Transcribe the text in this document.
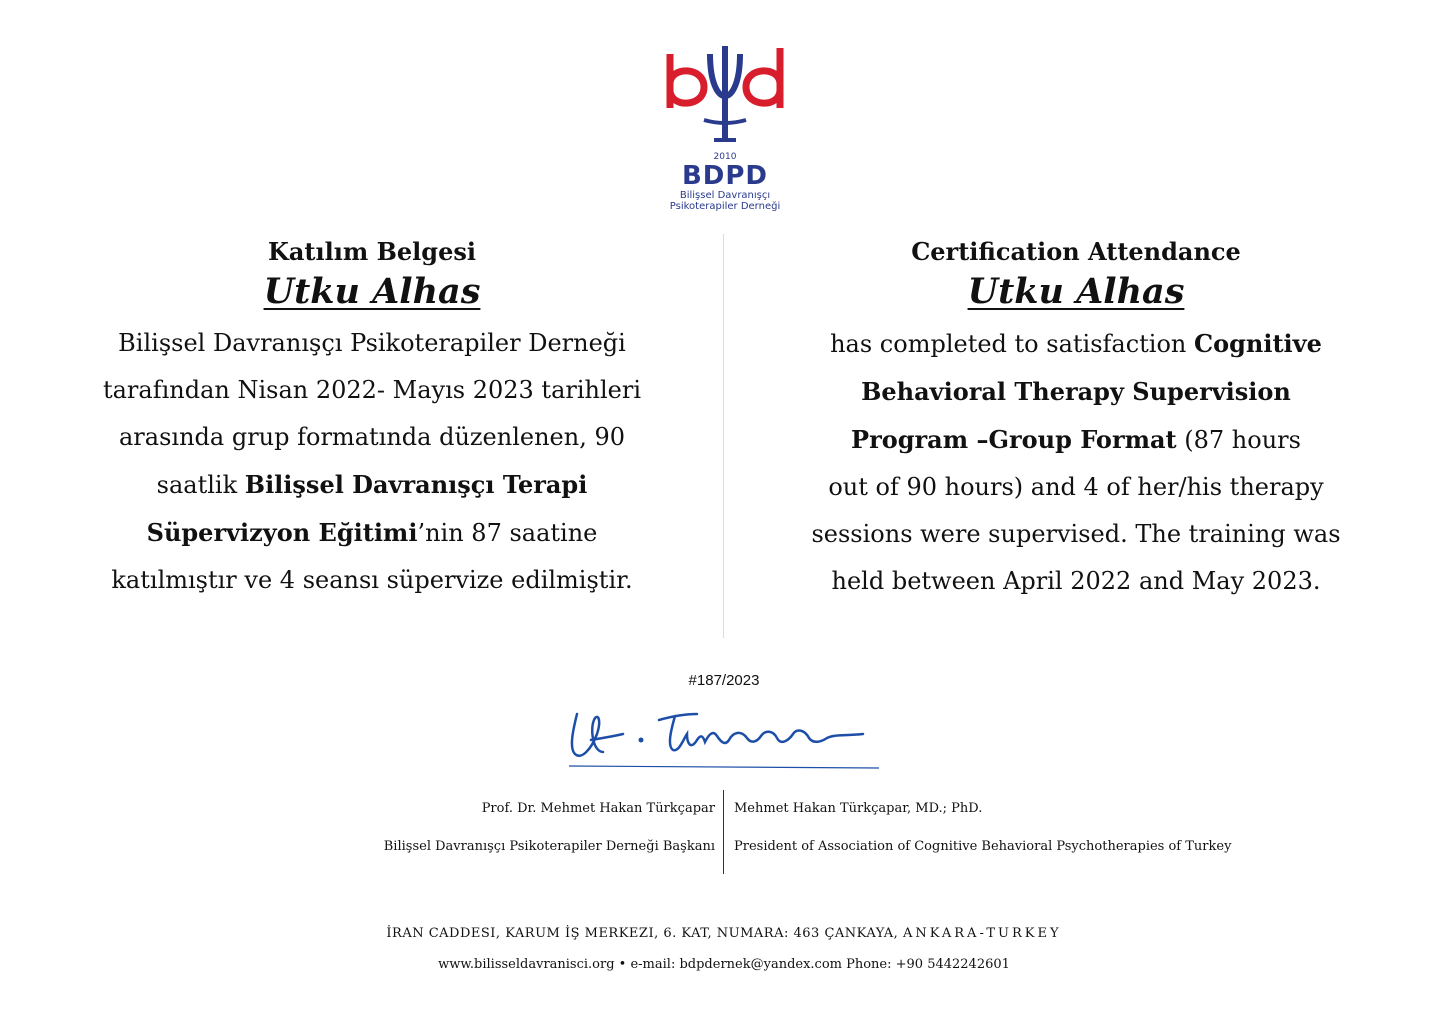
2010
BDPD
Bilişsel Davranışçı
Psikoterapiler Derneği
Katılım Belgesi
Utku Alhas
Bilişsel Davranışçı Psikoterapiler Derneği
tarafından Nisan 2022- Mayıs 2023 tarihleri
arasında grup formatında düzenlenen, 90
saatlik Bilişsel Davranışçı Terapi
Süpervizyon Eğitimi’nin 87 saatine
katılmıştır ve 4 seansı süpervize edilmiştir.
Certification Attendance
Utku Alhas
has completed to satisfaction Cognitive
Behavioral Therapy Supervision
Program –Group Format (87 hours
out of 90 hours) and 4 of her/his therapy
sessions were supervised. The training was
held between April 2022 and May 2023.
#187/2023
Prof. Dr. Mehmet Hakan Türkçapar
Bilişsel Davranışçı Psikoterapiler Derneği Başkanı
Mehmet Hakan Türkçapar, MD.; PhD.
President of Association of Cognitive Behavioral Psychotherapies of Turkey
İRAN CADDESI, KARUM İŞ MERKEZI, 6. KAT, NUMARA: 463 ÇANKAYA, ANKARA-TURKEY
www.bilisseldavranisci.org • e-mail: bdpdernek@yandex.com Phone: +90 5442242601
